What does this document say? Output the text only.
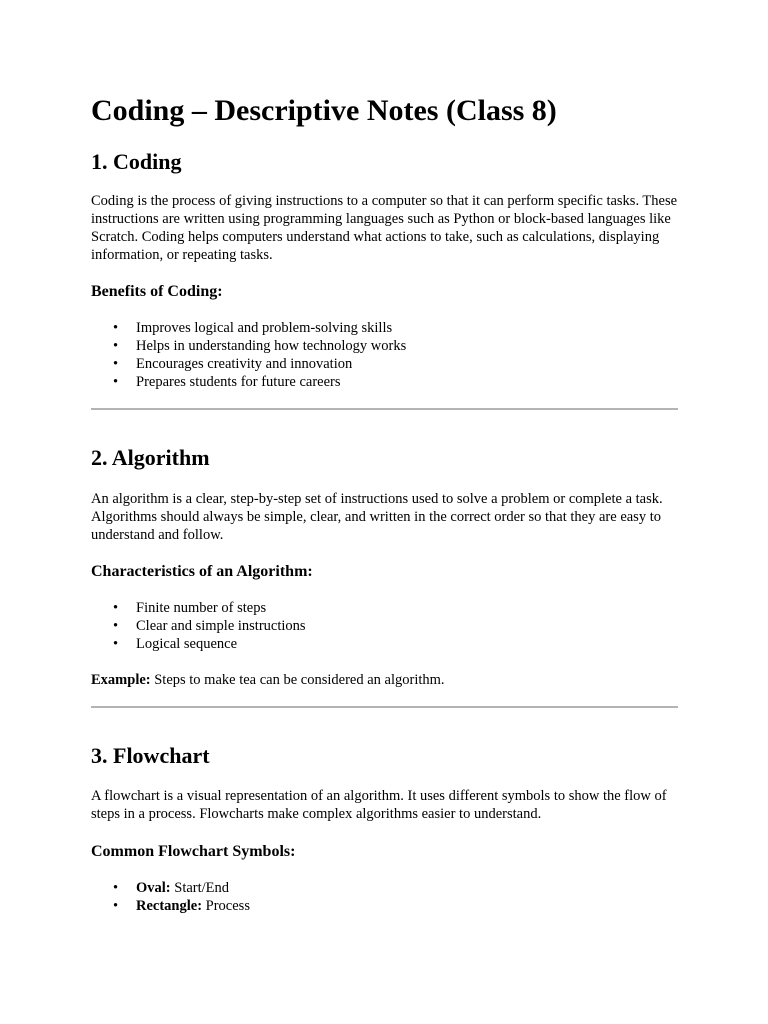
Coding – Descriptive Notes (Class 8)
1. Coding

Coding is the process of giving instructions to a computer so that it can perform specific tasks. These instructions are written using programming languages such as Python or block-based languages like Scratch. Coding helps computers understand what actions to take, such as calculations, displaying information, or repeating tasks.

Benefits of Coding:
• Improves logical and problem-solving skills
• Helps in understanding how technology works
• Encourages creativity and innovation
• Prepares students for future careers
2. Algorithm

An algorithm is a clear, step-by-step set of instructions used to solve a problem or complete a task. Algorithms should always be simple, clear, and written in the correct order so that they are easy to understand and follow.

Characteristics of an Algorithm:
• Finite number of steps
• Clear and simple instructions
• Logical sequence

Example: Steps to make tea can be considered an algorithm.

3. Flowchart

A flowchart is a visual representation of an algorithm. It uses different symbols to show the flow of steps in a process. Flowcharts make complex algorithms easier to understand.

Common Flowchart Symbols:
• Oval: Start/End
• Rectangle: Process
